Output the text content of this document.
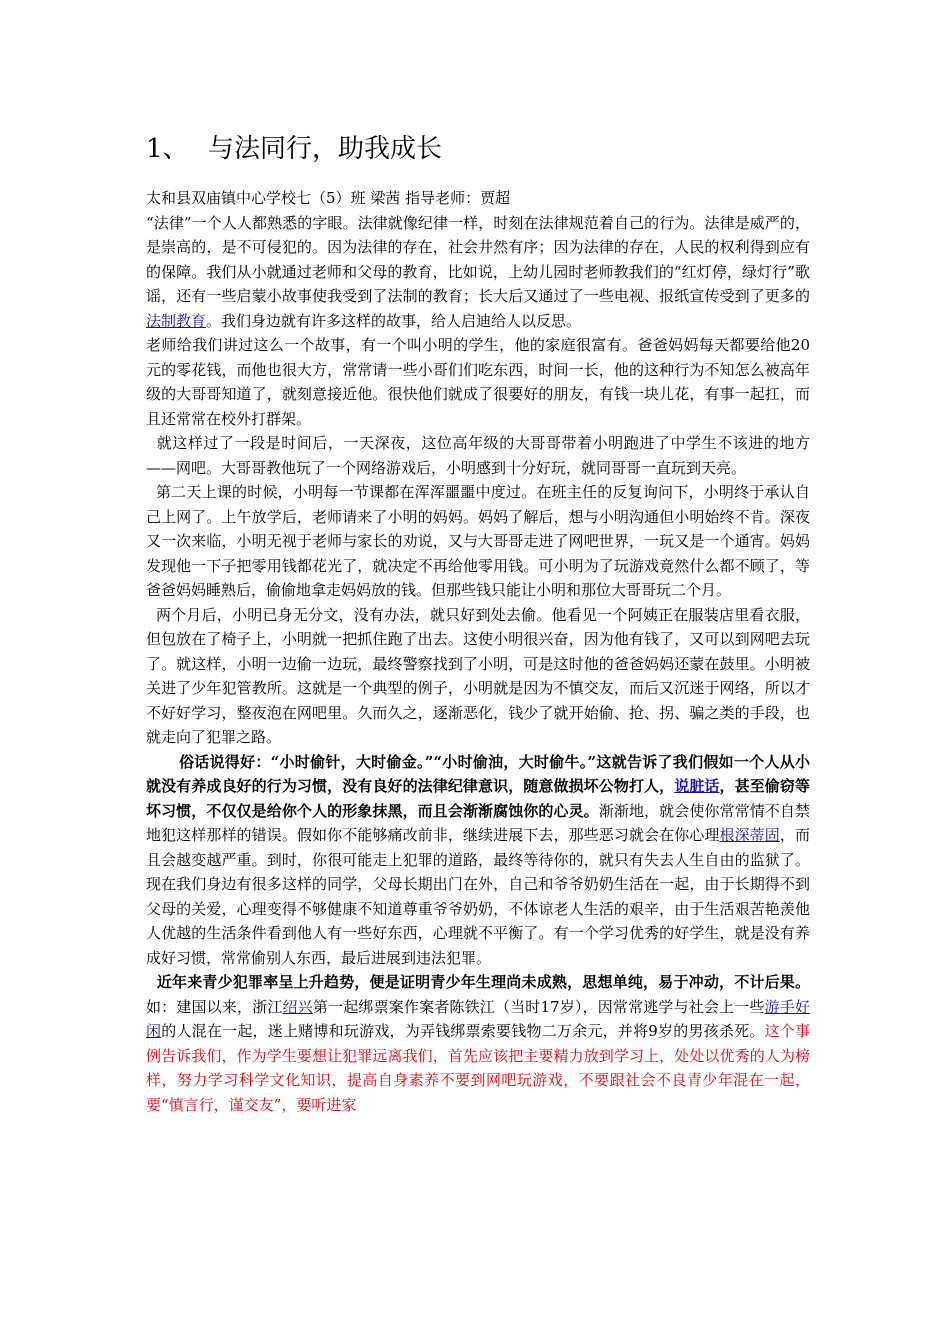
1、 与法同行，助我成长

太和县双庙镇中心学校七（5）班 梁茜 指导老师：贾超

“法律”一个人人都熟悉的字眼。法律就像纪律一样，时刻在法律规范着自己的行为。法律是威严的，是崇高的，是不可侵犯的。因为法律的存在，社会井然有序；因为法律的存在，人民的权利得到应有的保障。我们从小就通过老师和父母的教育，比如说，上幼儿园时老师教我们的“红灯停，绿灯行”歌谣，还有一些启蒙小故事使我受到了法制的教育；长大后又通过了一些电视、报纸宣传受到了更多的法制教育。我们身边就有许多这样的故事，给人启迪给人以反思。

老师给我们讲过这么一个故事，有一个叫小明的学生，他的家庭很富有。爸爸妈妈每天都要给他20元的零花钱，而他也很大方，常常请一些小哥们们吃东西，时间一长，他的这种行为不知怎么被高年级的大哥哥知道了，就刻意接近他。很快他们就成了很要好的朋友，有钱一块儿花，有事一起扛，而且还常常在校外打群架。

就这样过了一段是时间后，一天深夜，这位高年级的大哥哥带着小明跑进了中学生不该进的地方——网吧。大哥哥教他玩了一个网络游戏后，小明感到十分好玩，就同哥哥一直玩到天亮。

第二天上课的时候，小明每一节课都在浑浑噩噩中度过。在班主任的反复询问下，小明终于承认自己上网了。上午放学后，老师请来了小明的妈妈。妈妈了解后，想与小明沟通但小明始终不肯。深夜又一次来临，小明无视于老师与家长的劝说，又与大哥哥走进了网吧世界，一玩又是一个通宵。妈妈发现他一下子把零用钱都花光了，就决定不再给他零用钱。可小明为了玩游戏竟然什么都不顾了，等爸爸妈妈睡熟后，偷偷地拿走妈妈放的钱。但那些钱只能让小明和那位大哥哥玩二个月。

两个月后，小明已身无分文，没有办法，就只好到处去偷。他看见一个阿姨正在服装店里看衣服，但包放在了椅子上，小明就一把抓住跑了出去。这使小明很兴奋，因为他有钱了，又可以到网吧去玩了。就这样，小明一边偷一边玩，最终警察找到了小明，可是这时他的爸爸妈妈还蒙在鼓里。小明被关进了少年犯管教所。这就是一个典型的例子，小明就是因为不慎交友，而后又沉迷于网络，所以才不好好学习，整夜泡在网吧里。久而久之，逐渐恶化，钱少了就开始偷、抢、拐、骗之类的手段，也就走向了犯罪之路。

俗话说得好：“小时偷针，大时偷金。”“小时偷油，大时偷牛。”这就告诉了我们假如一个人从小就没有养成良好的行为习惯，没有良好的法律纪律意识，随意做损坏公物打人，说脏话，甚至偷窃等坏习惯，不仅仅是给你个人的形象抹黑，而且会渐渐腐蚀你的心灵。渐渐地，就会使你常常情不自禁地犯这样那样的错误。假如你不能够痛改前非，继续进展下去，那些恶习就会在你心理根深蒂固，而且会越变越严重。到时，你很可能走上犯罪的道路，最终等待你的，就只有失去人生自由的监狱了。现在我们身边有很多这样的同学，父母长期出门在外，自己和爷爷奶奶生活在一起，由于长期得不到父母的关爱，心理变得不够健康不知道尊重爷爷奶奶，不体谅老人生活的艰辛，由于生活艰苦艳羡他人优越的生活条件看到他人有一些好东西，心理就不平衡了。有一个学习优秀的好学生，就是没有养成好习惯，常常偷别人东西，最后进展到违法犯罪。

近年来青少犯罪率呈上升趋势，便是证明青少年生理尚未成熟，思想单纯，易于冲动，不计后果。如：建国以来，浙江绍兴第一起绑票案作案者陈铁江（当时17岁），因常常逃学与社会上一些游手好闲的人混在一起，迷上赌博和玩游戏，为弄钱绑票索要钱物二万余元，并将9岁的男孩杀死。这个事例告诉我们，作为学生要想让犯罪远离我们，首先应该把主要精力放到学习上，处处以优秀的人为榜样，努力学习科学文化知识，提高自身素养不要到网吧玩游戏，不要跟社会不良青少年混在一起，要“慎言行，谨交友”，要听进家
